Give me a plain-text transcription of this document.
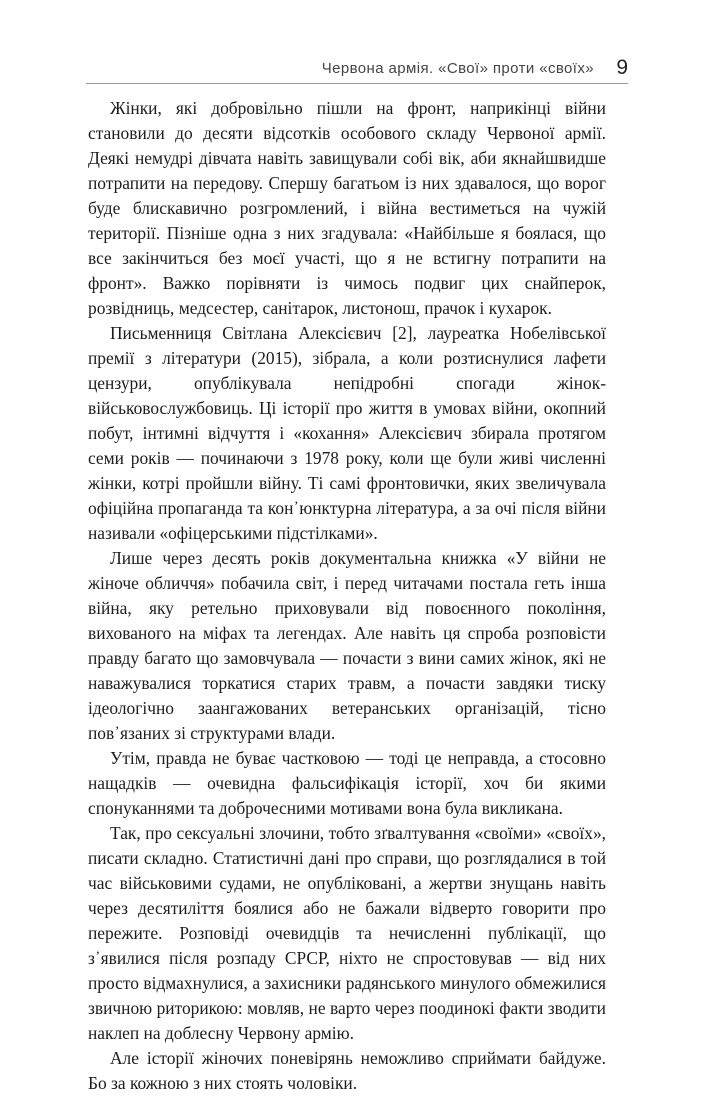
Червона армія. «Свої» проти «своїх» 9

Жінки, які добровільно пішли на фронт, наприкінці війни становили до десяти відсотків особового складу Червоної армії. Деякі немудрі дівчата навіть завищували собі вік, аби якнайшвидше потрапити на передову. Спершу багатьом із них здавалося, що ворог буде блискавично розгромлений, і війна вестиметься на чужій території. Пізніше одна з них згадувала: «Найбільше я боялася, що все закінчиться без моєї участі, що я не встигну потрапити на фронт». Важко порівняти із чимось подвиг цих снайперок, розвідниць, медсестер, санітарок, листонош, прачок і кухарок.

Письменниця Світлана Алексієвич [2], лауреатка Нобелівської премії з літератури (2015), зібрала, а коли розтиснулися лафети цензури, опублікувала непідробні спогади жінок-військовослужбовиць. Ці історії про життя в умовах війни, окопний побут, інтимні відчуття і «кохання» Алексієвич збирала протягом семи років — починаючи з 1978 року, коли ще були живі численні жінки, котрі пройшли війну. Ті самі фронтовички, яких звеличувала офіційна пропаганда та кон᾿юнктурна література, а за очі після війни називали «офіцерськими підстілками».

Лише через десять років документальна книжка «У війни не жіноче обличчя» побачила світ, і перед читачами постала геть інша війна, яку ретельно приховували від повоєнного покоління, вихованого на міфах та легендах. Але навіть ця спроба розповісти правду багато що замовчувала — почасти з вини самих жінок, які не наважувалися торкатися старих травм, а почасти завдяки тиску ідеологічно заангажованих ветеранських організацій, тісно пов᾿язаних зі структурами влади.

Утім, правда не буває частковою — тоді це неправда, а стосовно нащадків — очевидна фальсифікація історії, хоч би якими спонуканнями та доброчесними мотивами вона була викликана.

Так, про сексуальні злочини, тобто зґвалтування «своїми» «своїх», писати складно. Статистичні дані про справи, що розглядалися в той час військовими судами, не опубліковані, а жертви знущань навіть через десятиліття боялися або не бажали відверто говорити про пережите. Розповіді очевидців та нечисленні публікації, що з᾿явилися після розпаду СРСР, ніхто не спростовував — від них просто відмахнулися, а захисники радянського минулого обмежилися звичною риторикою: мовляв, не варто через поодинокі факти зводити наклеп на доблесну Червону армію.

Але історії жіночих поневірянь неможливо сприймати байдуже. Бо за кожною з них стоять чоловіки.
